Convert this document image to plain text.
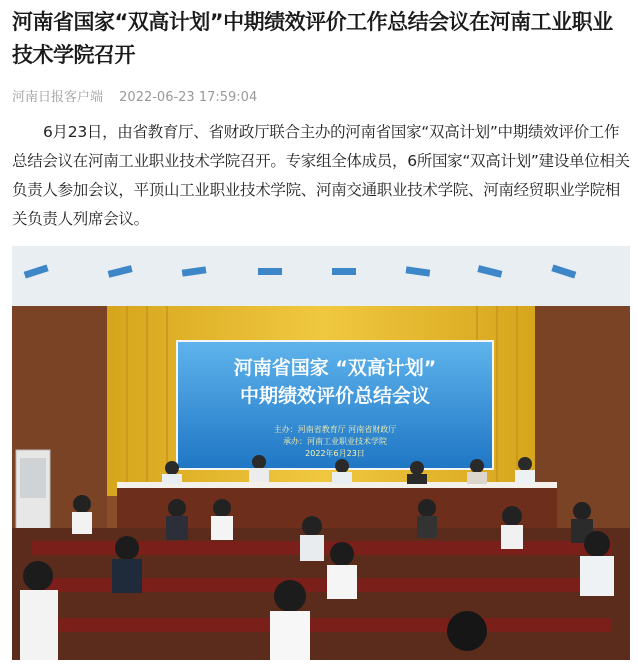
河南省国家“双高计划”中期绩效评价工作总结会议在河南工业职业技术学院召开
河南日报客户端 2022-06-23 17:59:04

6月23日，由省教育厅、省财政厅联合主办的河南省国家“双高计划”中期绩效评价工作总结会议在河南工业职业技术学院召开。专家组全体成员，6所国家“双高计划”建设单位相关负责人参加会议，平顶山工业职业技术学院、河南交通职业技术学院、河南经贸职业学院相关负责人列席会议。

河南省国家 “双高计划”
中期绩效评价总结会议
主办：河南省教育厅 河南省财政厅
承办：河南工业职业技术学院
2022年6月23日
